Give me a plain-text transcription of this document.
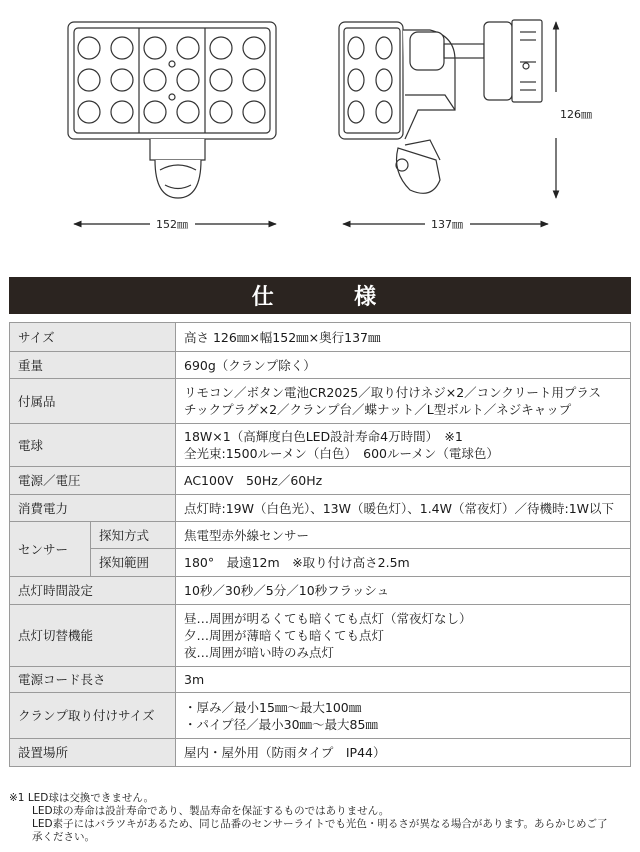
152㎜	137㎜
126㎜
仕　　様
サイズ		高さ 126㎜×幅152㎜×奥行137㎜
重量		690g（クランプ除く）
付属品		リモコン／ボタン電池CR2025／取り付けネジ×2／コンクリート用プラス
チックプラグ×2／クランプ台／蝶ナット／L型ボルト／ネジキャップ

電球		18W×1（高輝度白色LED設計寿命4万時間）　※1
全光束:1500ルーメン（白色）　600ルーメン（電球色）

電源／電圧		AC100V　50Hz／60Hz
消費電力		点灯時:19W（白色光）、13W（暖色灯）、1.4W（常夜灯）／待機時:1W以下
センサー	探知方式	焦電型赤外線センサー
	探知範囲	180°　最遠12m　※取り付け高さ2.5m
点灯時間設定		10秒／30秒／5分／10秒フラッシュ
点灯切替機能		昼…周囲が明るくても暗くても点灯（常夜灯なし）
夕…周囲が薄暗くても暗くても点灯
夜…周囲が暗い時のみ点灯

電源コード長さ		3m
クランプ取り付けサイズ		・厚み／最小15㎜〜最大100㎜
・パイプ径／最小30㎜〜最大85㎜

設置場所		屋内・屋外用（防雨タイプ　IP44）
※1 LED球は交換できません。
LED球の寿命は設計寿命であり、製品寿命を保証するものではありません。
LED素子にはバラツキがあるため、同じ品番のセンサーライトでも光色・明るさが異なる場合があります。あらかじめご了
承ください。
